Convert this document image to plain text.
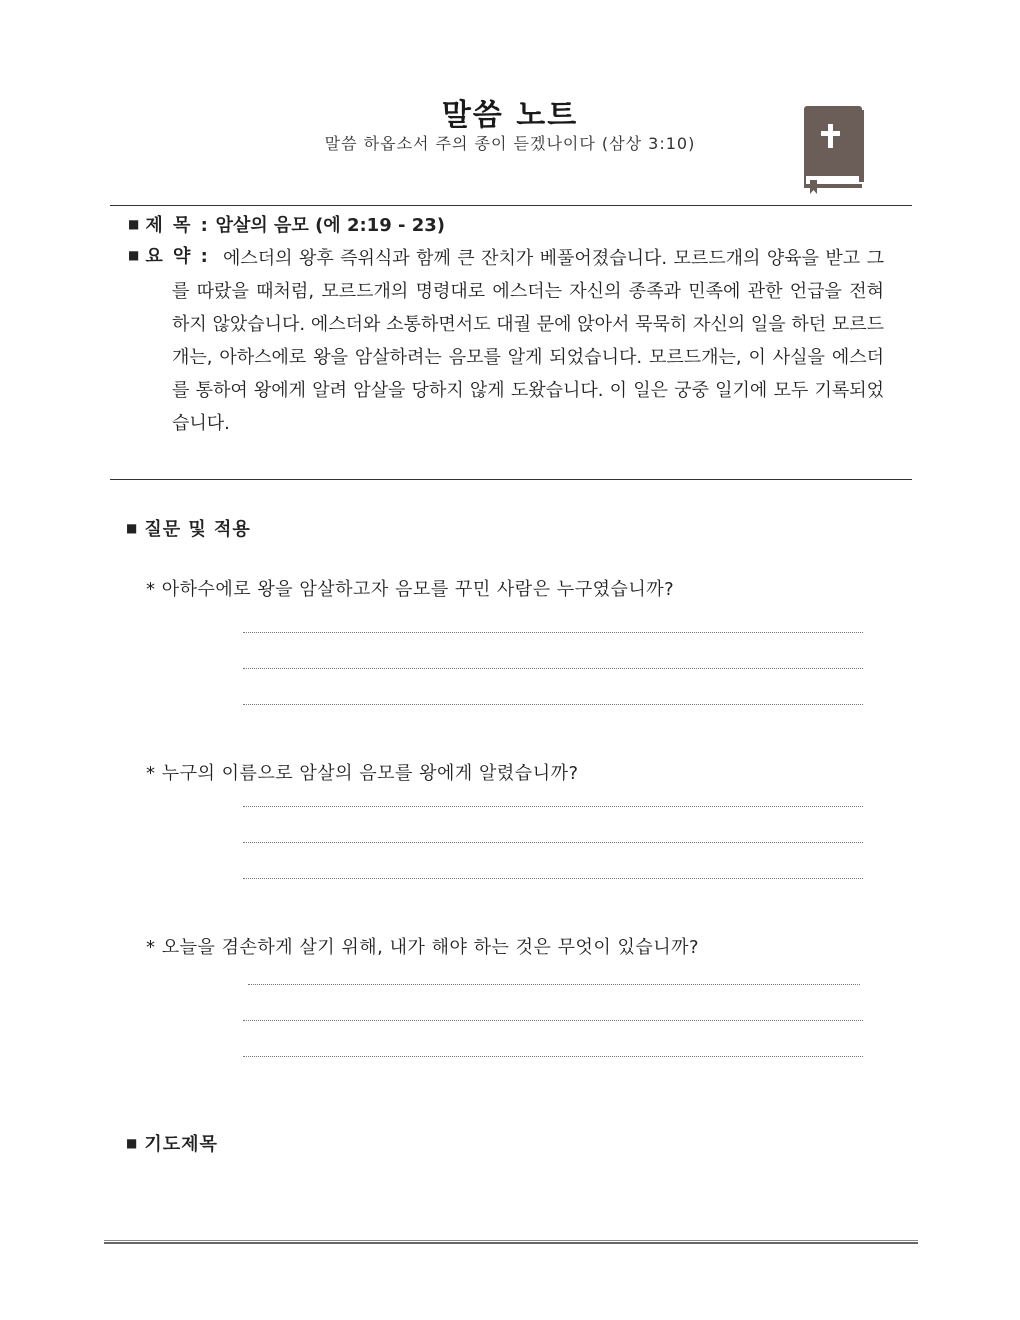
말씀 노트
말씀 하옵소서 주의 종이 듣겠나이다 (삼상 3:10)
■ 제 목 : 암살의 음모 (에 2:19 - 23)
■ 요 약 : 에스더의 왕후 즉위식과 함께 큰 잔치가 베풀어졌습니다. 모르드개의 양육을 받고 그를 따랐을 때처럼, 모르드개의 명령대로 에스더는 자신의 종족과 민족에 관한 언급을 전혀 하지 않았습니다. 에스더와 소통하면서도 대궐 문에 앉아서 묵묵히 자신의 일을 하던 모르드개는, 아하스에로 왕을 암살하려는 음모를 알게 되었습니다. 모르드개는, 이 사실을 에스더를 통하여 왕에게 알려 암살을 당하지 않게 도왔습니다. 이 일은 궁중 일기에 모두 기록되었습니다.
■ 질문 및 적용
* 아하수에로 왕을 암살하고자 음모를 꾸민 사람은 누구였습니까?
* 누구의 이름으로 암살의 음모를 왕에게 알렸습니까?
* 오늘을 겸손하게 살기 위해, 내가 해야 하는 것은 무엇이 있습니까?
■ 기도제목
